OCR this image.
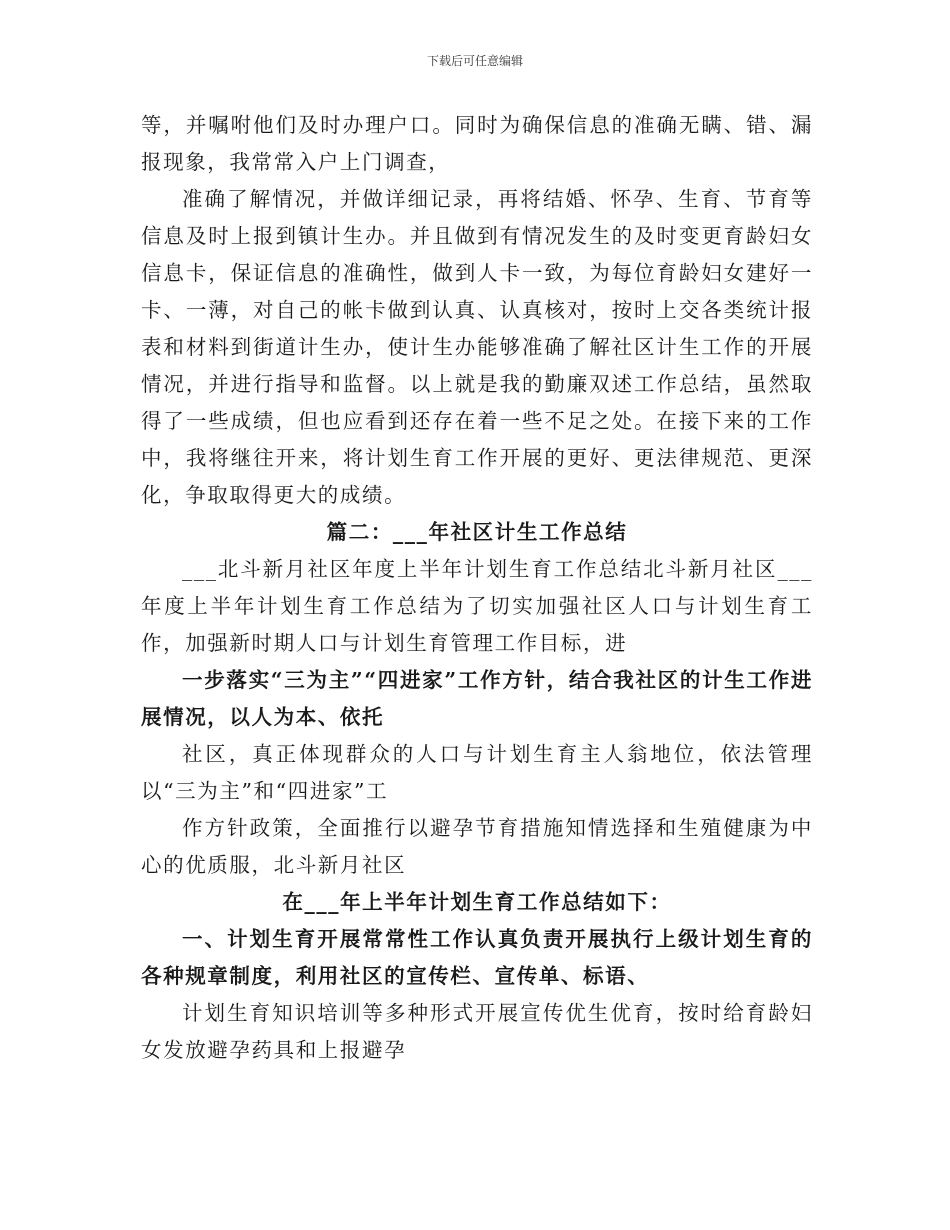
下载后可任意编辑

等，并嘱咐他们及时办理户口。同时为确保信息的准确无瞒、错、漏报现象，我常常入户上门调查，

准确了解情况，并做详细记录，再将结婚、怀孕、生育、节育等信息及时上报到镇计生办。并且做到有情况发生的及时变更育龄妇女信息卡，保证信息的准确性，做到人卡一致，为每位育龄妇女建好一卡、一薄，对自己的帐卡做到认真、认真核对，按时上交各类统计报表和材料到街道计生办，使计生办能够准确了解社区计生工作的开展情况，并进行指导和监督。以上就是我的勤廉双述工作总结，虽然取得了一些成绩，但也应看到还存在着一些不足之处。在接下来的工作中，我将继往开来，将计划生育工作开展的更好、更法律规范、更深化，争取取得更大的成绩。

篇二：___年社区计生工作总结

___北斗新月社区年度上半年计划生育工作总结北斗新月社区___年度上半年计划生育工作总结为了切实加强社区人口与计划生育工作，加强新时期人口与计划生育管理工作目标，进

一步落实“三为主”“四进家”工作方针，结合我社区的计生工作进展情况，以人为本、依托

社区，真正体现群众的人口与计划生育主人翁地位，依法管理以“三为主”和“四进家”工

作方针政策，全面推行以避孕节育措施知情选择和生殖健康为中心的优质服，北斗新月社区

在___年上半年计划生育工作总结如下：

一、计划生育开展常常性工作认真负责开展执行上级计划生育的各种规章制度，利用社区的宣传栏、宣传单、标语、

计划生育知识培训等多种形式开展宣传优生优育，按时给育龄妇女发放避孕药具和上报避孕
